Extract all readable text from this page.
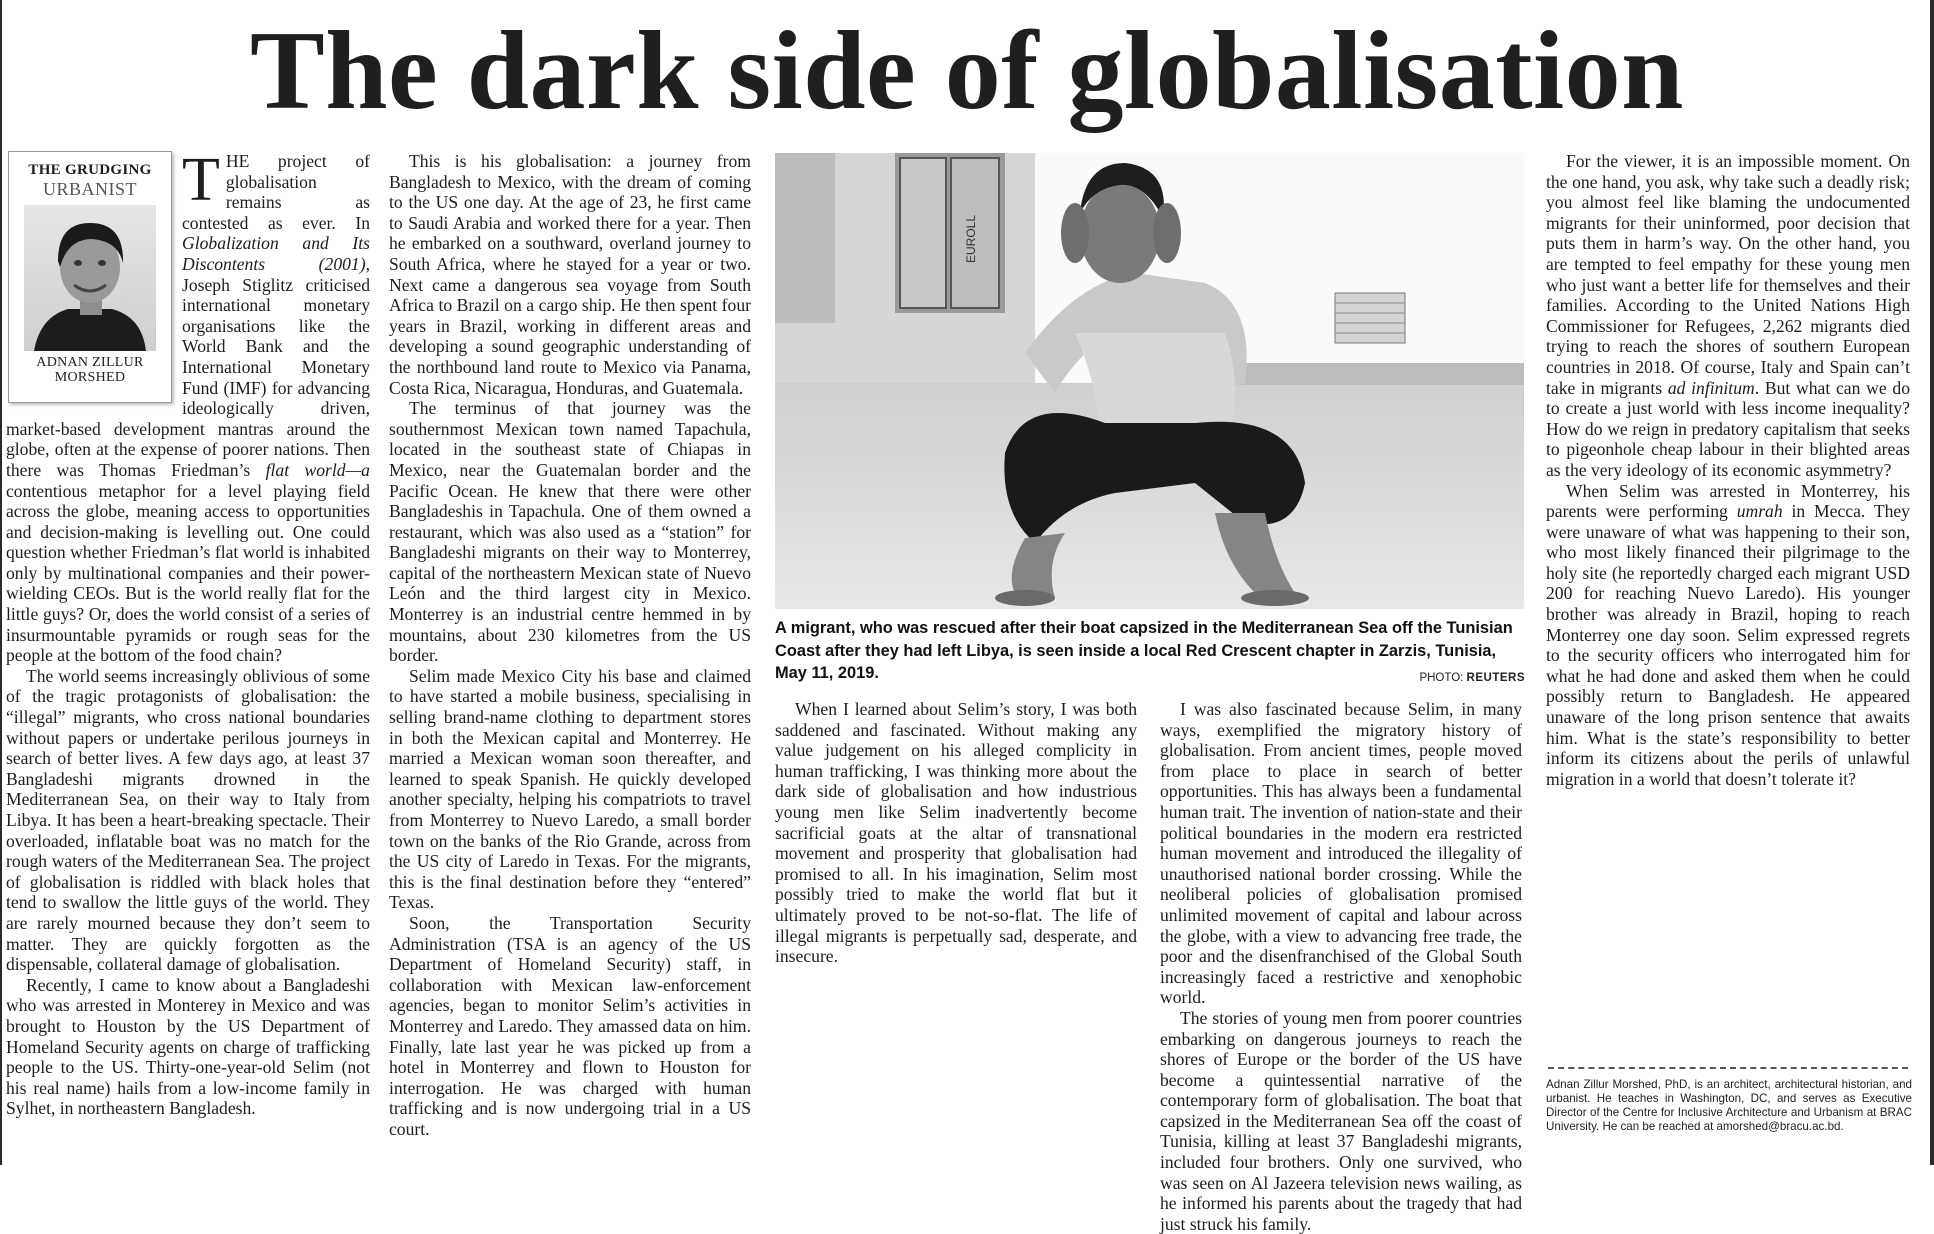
The dark side of globalisation
THE GRUDGING
URBANIST
ADNAN ZILLUR
MORSHED

THE project of globalisation remains as contested as ever. In Globalization and Its Discontents (2001), Joseph Stiglitz criticised international monetary organisations like the World Bank and the International Monetary Fund (IMF) for advancing ideologically driven, market-based development mantras around the globe, often at the expense of poorer nations. Then there was Thomas Friedman’s flat world—a contentious metaphor for a level playing field across the globe, meaning access to opportunities and decision-making is levelling out. One could question whether Friedman’s flat world is inhabited only by multinational companies and their power-wielding CEOs. But is the world really flat for the little guys? Or, does the world consist of a series of insurmountable pyramids or rough seas for the people at the bottom of the food chain?

The world seems increasingly oblivious of some of the tragic protagonists of globalisation: the “illegal” migrants, who cross national boundaries without papers or undertake perilous journeys in search of better lives. A few days ago, at least 37 Bangladeshi migrants drowned in the Mediterranean Sea, on their way to Italy from Libya. It has been a heart-breaking spectacle. Their overloaded, inflatable boat was no match for the rough waters of the Mediterranean Sea. The project of globalisation is riddled with black holes that tend to swallow the little guys of the world. They are rarely mourned because they don’t seem to matter. They are quickly forgotten as the dispensable, collateral damage of globalisation.

Recently, I came to know about a Bangladeshi who was arrested in Monterey in Mexico and was brought to Houston by the US Department of Homeland Security agents on charge of trafficking people to the US. Thirty-one-year-old Selim (not his real name) hails from a low-income family in Sylhet, in northeastern Bangladesh.

This is his globalisation: a journey from Bangladesh to Mexico, with the dream of coming to the US one day. At the age of 23, he first came to Saudi Arabia and worked there for a year. Then he embarked on a southward, overland journey to South Africa, where he stayed for a year or two. Next came a dangerous sea voyage from South Africa to Brazil on a cargo ship. He then spent four years in Brazil, working in different areas and developing a sound geographic understanding of the northbound land route to Mexico via Panama, Costa Rica, Nicaragua, Honduras, and Guatemala.

The terminus of that journey was the southernmost Mexican town named Tapachula, located in the southeast state of Chiapas in Mexico, near the Guatemalan border and the Pacific Ocean. He knew that there were other Bangladeshis in Tapachula. One of them owned a restaurant, which was also used as a “station” for Bangladeshi migrants on their way to Monterrey, capital of the northeastern Mexican state of Nuevo León and the third largest city in Mexico. Monterrey is an industrial centre hemmed in by mountains, about 230 kilometres from the US border.

Selim made Mexico City his base and claimed to have started a mobile business, specialising in selling brand-name clothing to department stores in both the Mexican capital and Monterrey. He married a Mexican woman soon thereafter, and learned to speak Spanish. He quickly developed another specialty, helping his compatriots to travel from Monterrey to Nuevo Laredo, a small border town on the banks of the Rio Grande, across from the US city of Laredo in Texas. For the migrants, this is the final destination before they “entered” Texas.

Soon, the Transportation Security Administration (TSA is an agency of the US Department of Homeland Security) staff, in collaboration with Mexican law-enforcement agencies, began to monitor Selim’s activities in Monterrey and Laredo. They amassed data on him. Finally, late last year he was picked up from a hotel in Monterrey and flown to Houston for interrogation. He was charged with human trafficking and is now undergoing trial in a US court.

EUROLL
A migrant, who was rescued after their boat capsized in the Mediterranean Sea off the Tunisian Coast after they had left Libya, is seen inside a local Red Crescent chapter in Zarzis, Tunisia, May 11, 2019.	PHOTO: REUTERS

When I learned about Selim’s story, I was both saddened and fascinated. Without making any value judgement on his alleged complicity in human trafficking, I was thinking more about the dark side of globalisation and how industrious young men like Selim inadvertently become sacrificial goats at the altar of transnational movement and prosperity that globalisation had promised to all. In his imagination, Selim most possibly tried to make the world flat but it ultimately proved to be not-so-flat. The life of illegal migrants is perpetually sad, desperate, and insecure.

I was also fascinated because Selim, in many ways, exemplified the migratory history of globalisation. From ancient times, people moved from place to place in search of better opportunities. This has always been a fundamental human trait. The invention of nation-state and their political boundaries in the modern era restricted human movement and introduced the illegality of unauthorised national border crossing. While the neoliberal policies of globalisation promised unlimited movement of capital and labour across the globe, with a view to advancing free trade, the poor and the disenfranchised of the Global South increasingly faced a restrictive and xenophobic world.

The stories of young men from poorer countries embarking on dangerous journeys to reach the shores of Europe or the border of the US have become a quintessential narrative of the contemporary form of globalisation. The boat that capsized in the Mediterranean Sea off the coast of Tunisia, killing at least 37 Bangladeshi migrants, included four brothers. Only one survived, who was seen on Al Jazeera television news wailing, as he informed his parents about the tragedy that had just struck his family.

For the viewer, it is an impossible moment. On the one hand, you ask, why take such a deadly risk; you almost feel like blaming the undocumented migrants for their uninformed, poor decision that puts them in harm’s way. On the other hand, you are tempted to feel empathy for these young men who just want a better life for themselves and their families. According to the United Nations High Commissioner for Refugees, 2,262 migrants died trying to reach the shores of southern European countries in 2018. Of course, Italy and Spain can’t take in migrants ad infinitum. But what can we do to create a just world with less income inequality? How do we reign in predatory capitalism that seeks to pigeonhole cheap labour in their blighted areas as the very ideology of its economic asymmetry?

When Selim was arrested in Monterrey, his parents were performing umrah in Mecca. They were unaware of what was happening to their son, who most likely financed their pilgrimage to the holy site (he reportedly charged each migrant USD 200 for reaching Nuevo Laredo). His younger brother was already in Brazil, hoping to reach Monterrey one day soon. Selim expressed regrets to the security officers who interrogated him for what he had done and asked them when he could possibly return to Bangladesh. He appeared unaware of the long prison sentence that awaits him. What is the state’s responsibility to better inform its citizens about the perils of unlawful migration in a world that doesn’t tolerate it?

Adnan Zillur Morshed, PhD, is an architect, architectural historian, and urbanist. He teaches in Washington, DC, and serves as Executive Director of the Centre for Inclusive Architecture and Urbanism at BRAC University. He can be reached at amorshed@bracu.ac.bd.
